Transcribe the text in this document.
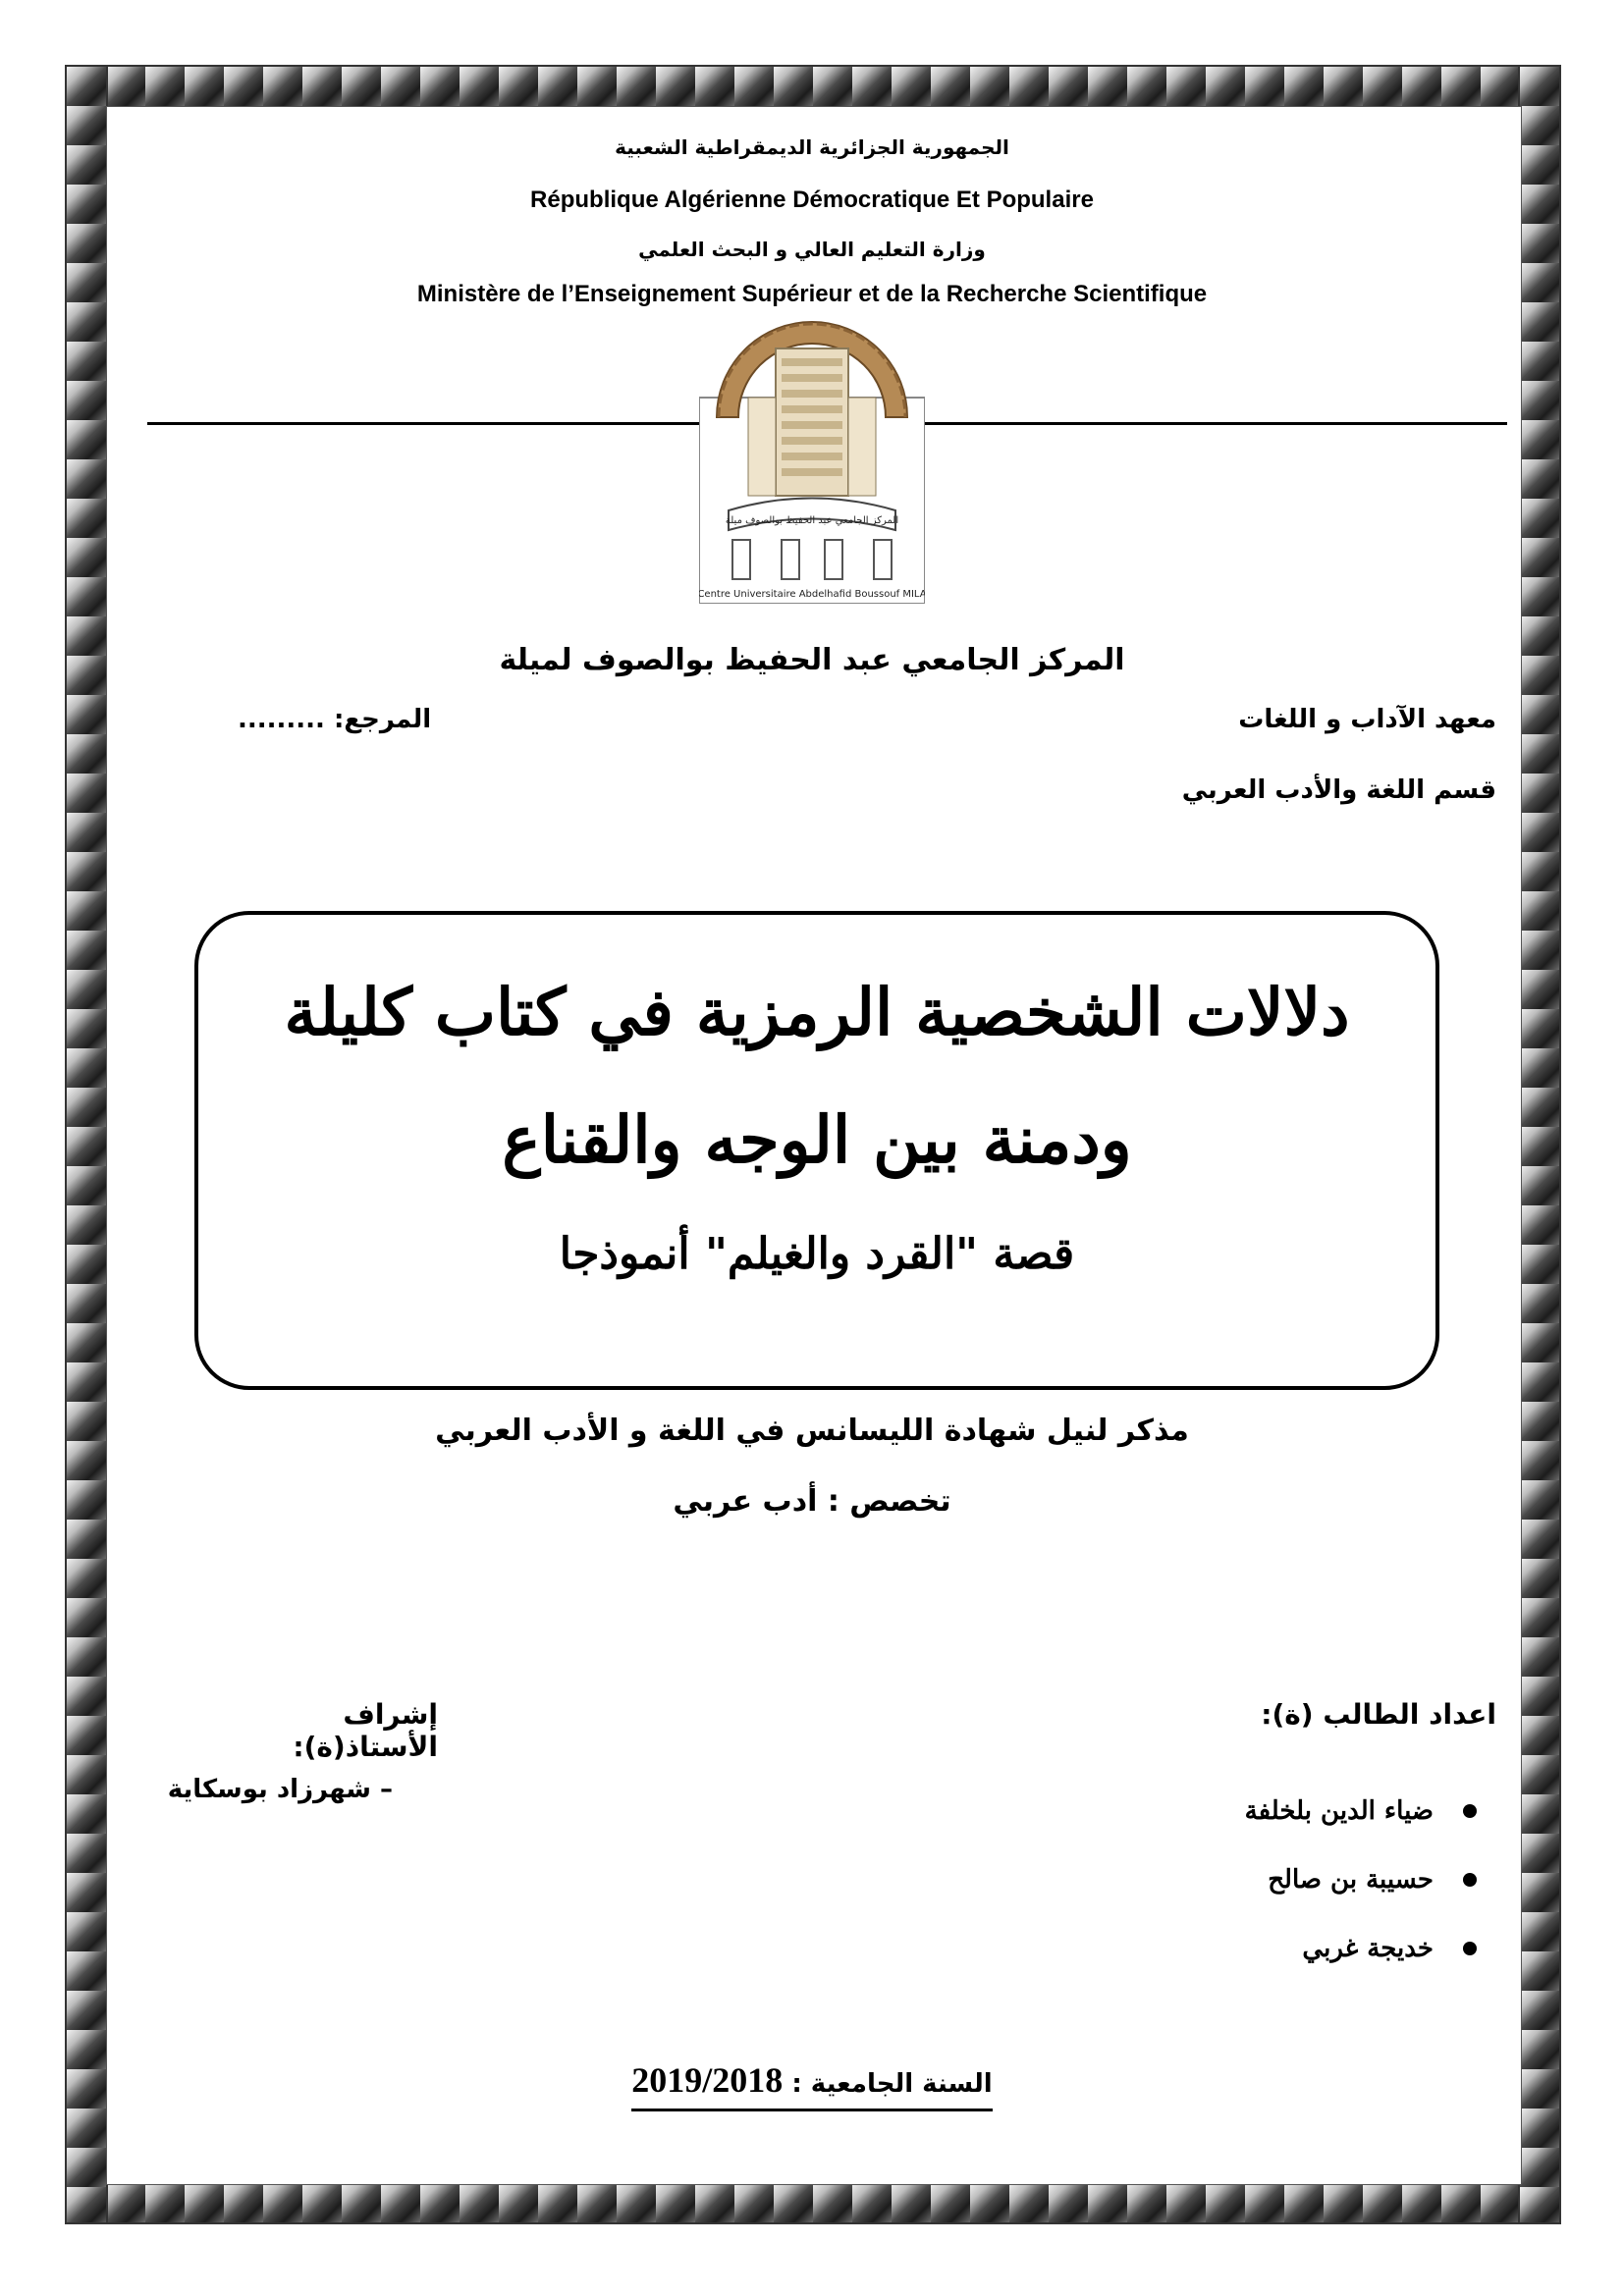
الجمهورية الجزائرية الديمقراطية الشعبية
République Algérienne Démocratique Et Populaire
وزارة التعليم العالي و البحث العلمي
Ministère de l’Enseignement Supérieur et de la Recherche Scientifique
المركز الجامعي عبد الحفيظ بوالصوف ميلة
Centre Universitaire Abdelhafid Boussouf MILA
المركز الجامعي عبد الحفيظ بوالصوف لميلة
معهد الآداب و اللغات
المرجع: .........
قسم اللغة والأدب العربي
دلالات الشخصية الرمزية في كتاب كليلة
ودمنة بين الوجه والقناع
قصة "القرد والغيلم" أنموذجا
مذكر لنيل شهادة الليسانس في اللغة و الأدب العربي
تخصص : أدب عربي
اعداد الطالب (ة):
إشراف الأستاذ(ة):
ضياء الدين بلخلفة
حسيبة بن صالح
خديجة غربي
– شهرزاد بوسكاية
السنة الجامعية : 2019/2018
